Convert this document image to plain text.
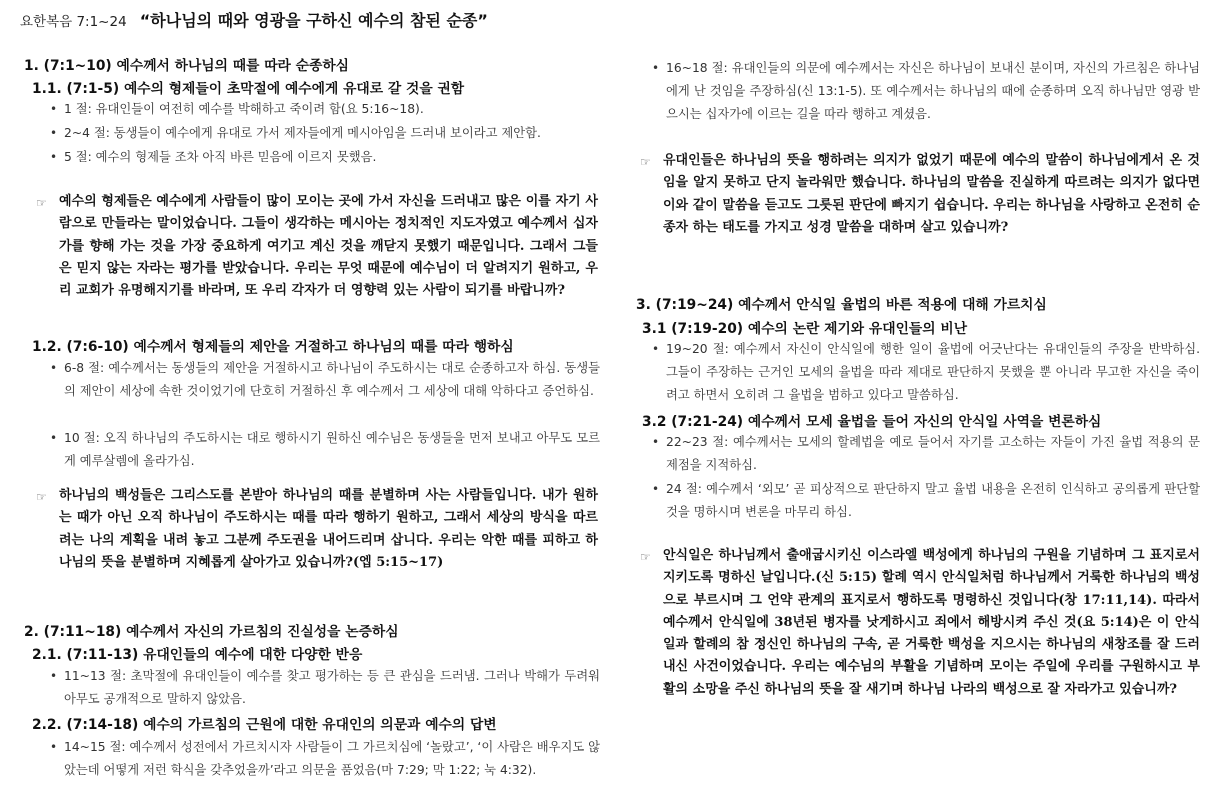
요한복음 7:1~24 “하나님의 때와 영광을 구하신 예수의 참된 순종”
1. (7:1~10) 예수께서 하나님의 때를 따라 순종하심
1.1. (7:1-5) 예수의 형제들이 초막절에 예수에게 유대로 갈 것을 권함
• 1 절: 유대인들이 여전히 예수를 박해하고 죽이려 함(요 5:16~18).
• 2~4 절: 동생들이 예수에게 유대로 가서 제자들에게 메시아임을 드러내 보이라고 제안함.
• 5 절: 예수의 형제들 조차 아직 바른 믿음에 이르지 못했음.
☞ 예수의 형제들은 예수에게 사람들이 많이 모이는 곳에 가서 자신을 드러내고 많은 이를 자기 사람으로 만들라는 말이었습니다. 그들이 생각하는 메시아는 정치적인 지도자였고 예수께서 십자가를 향해 가는 것을 가장 중요하게 여기고 계신 것을 깨닫지 못했기 때문입니다. 그래서 그들은 믿지 않는 자라는 평가를 받았습니다. 우리는 무엇 때문에 예수님이 더 알려지기 원하고, 우리 교회가 유명해지기를 바라며, 또 우리 각자가 더 영향력 있는 사람이 되기를 바랍니까?
1.2. (7:6-10) 예수께서 형제들의 제안을 거절하고 하나님의 때를 따라 행하심
• 6-8 절: 예수께서는 동생들의 제안을 거절하시고 하나님이 주도하시는 대로 순종하고자 하심. 동생들의 제안이 세상에 속한 것이었기에 단호히 거절하신 후 예수께서 그 세상에 대해 악하다고 증언하심.
• 10 절: 오직 하나님의 주도하시는 대로 행하시기 원하신 예수님은 동생들을 먼저 보내고 아무도 모르게 예루살렘에 올라가심.
☞ 하나님의 백성들은 그리스도를 본받아 하나님의 때를 분별하며 사는 사람들입니다. 내가 원하는 때가 아닌 오직 하나님이 주도하시는 때를 따라 행하기 원하고, 그래서 세상의 방식을 따르려는 나의 계획을 내려 놓고 그분께 주도권을 내어드리며 삽니다. 우리는 악한 때를 피하고 하나님의 뜻을 분별하며 지혜롭게 살아가고 있습니까?(엡 5:15~17)
2. (7:11~18) 예수께서 자신의 가르침의 진실성을 논증하심
2.1. (7:11-13) 유대인들의 예수에 대한 다양한 반응
• 11~13 절: 초막절에 유대인들이 예수를 찾고 평가하는 등 큰 관심을 드러냄. 그러나 박해가 두려워 아무도 공개적으로 말하지 않았음.
2.2. (7:14-18) 예수의 가르침의 근원에 대한 유대인의 의문과 예수의 답변
• 14~15 절: 예수께서 성전에서 가르치시자 사람들이 그 가르치심에 ‘놀랐고’, ‘이 사람은 배우지도 않았는데 어떻게 저런 학식을 갖추었을까’라고 의문을 품었음(마 7:29; 막 1:22; 눅 4:32).
• 16~18 절: 유대인들의 의문에 예수께서는 자신은 하나님이 보내신 분이며, 자신의 가르침은 하나님에게 난 것임을 주장하심(신 13:1-5). 또 예수께서는 하나님의 때에 순종하며 오직 하나님만 영광 받으시는 십자가에 이르는 길을 따라 행하고 계셨음.
☞ 유대인들은 하나님의 뜻을 행하려는 의지가 없었기 때문에 예수의 말씀이 하나님에게서 온 것임을 알지 못하고 단지 놀라워만 했습니다. 하나님의 말씀을 진실하게 따르려는 의지가 없다면 이와 같이 말씀을 듣고도 그릇된 판단에 빠지기 쉽습니다. 우리는 하나님을 사랑하고 온전히 순종자 하는 태도를 가지고 성경 말씀을 대하며 살고 있습니까?
3. (7:19~24) 예수께서 안식일 율법의 바른 적용에 대해 가르치심
3.1 (7:19-20) 예수의 논란 제기와 유대인들의 비난
• 19~20 절: 예수께서 자신이 안식일에 행한 일이 율법에 어긋난다는 유대인들의 주장을 반박하심. 그들이 주장하는 근거인 모세의 율법을 따라 제대로 판단하지 못했을 뿐 아니라 무고한 자신을 죽이려고 하면서 오히려 그 율법을 범하고 있다고 말씀하심.
3.2 (7:21-24) 예수께서 모세 율법을 들어 자신의 안식일 사역을 변론하심
• 22~23 절: 예수께서는 모세의 할례법을 예로 들어서 자기를 고소하는 자들이 가진 율법 적용의 문제점을 지적하심.
• 24 절: 예수께서 ‘외모’ 곧 피상적으로 판단하지 말고 율법 내용을 온전히 인식하고 공의롭게 판단할 것을 명하시며 변론을 마무리 하심.
☞ 안식일은 하나님께서 출애굽시키신 이스라엘 백성에게 하나님의 구원을 기념하며 그 표지로서 지키도록 명하신 날입니다.(신 5:15) 할례 역시 안식일처럼 하나님께서 거룩한 하나님의 백성으로 부르시며 그 언약 관계의 표지로서 행하도록 명령하신 것입니다(창 17:11,14). 따라서 예수께서 안식일에 38년된 병자를 낫게하시고 죄에서 해방시켜 주신 것(요 5:14)은 이 안식일과 할례의 참 정신인 하나님의 구속, 곧 거룩한 백성을 지으시는 하나님의 새창조를 잘 드러내신 사건이었습니다. 우리는 예수님의 부활을 기념하며 모이는 주일에 우리를 구원하시고 부활의 소망을 주신 하나님의 뜻을 잘 새기며 하나님 나라의 백성으로 잘 자라가고 있습니까?
